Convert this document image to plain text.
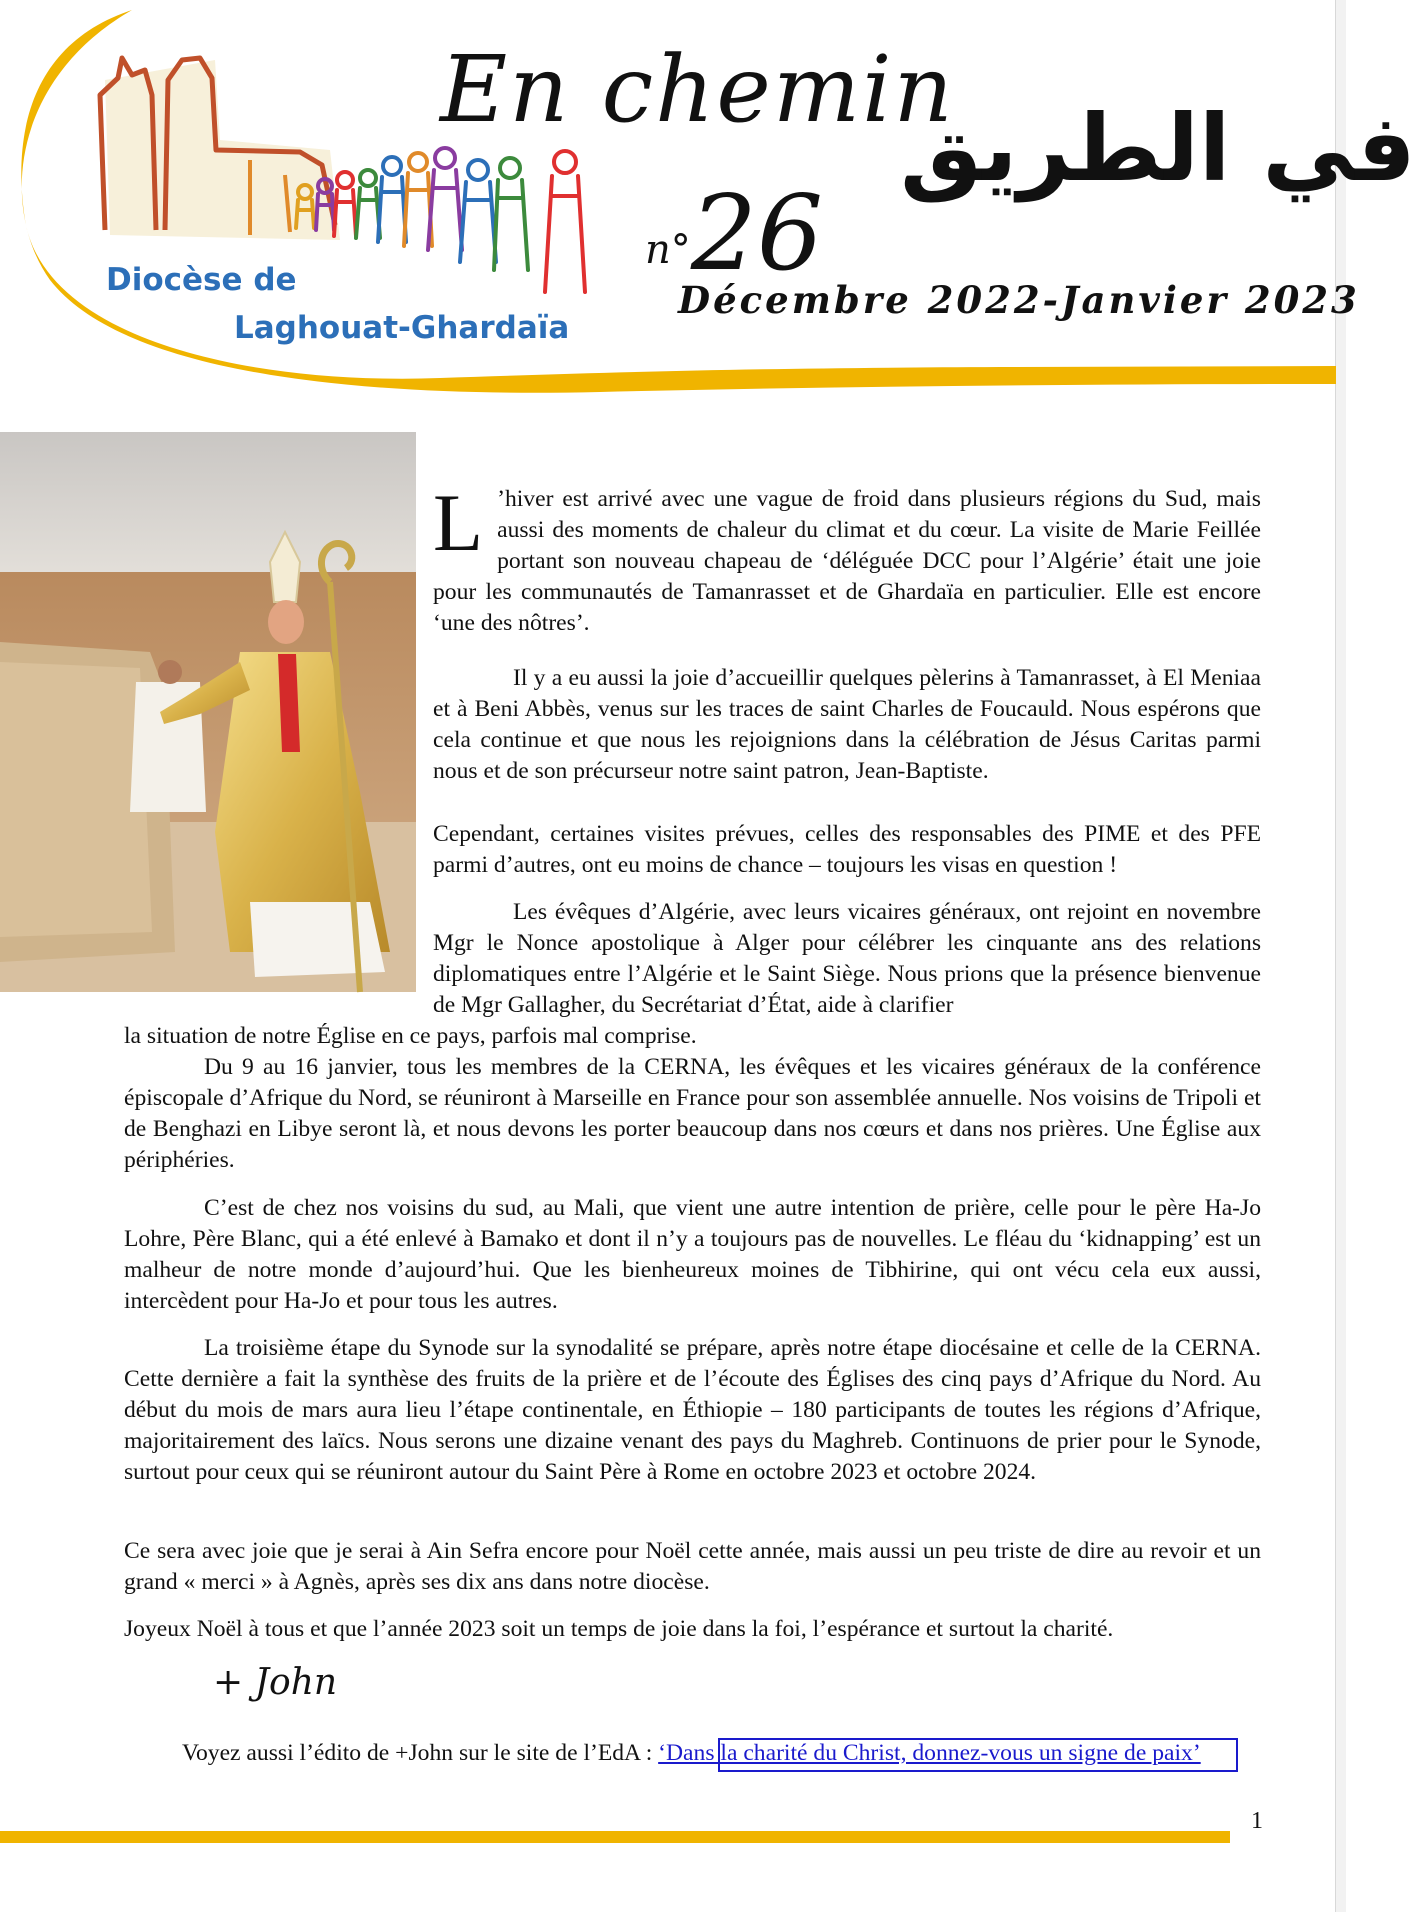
En chemin
في الطريق
n°26
Décembre 2022-Janvier 2023
Diocèse de
Laghouat-Ghardaïa

L ’hiver est arrivé avec une vague de froid dans plusieurs régions du Sud, mais aussi des moments de chaleur du climat et du cœur. La visite de Marie Feillée portant son nouveau chapeau de ‘déléguée DCC pour l’Algérie’ était une joie pour les communautés de Tamanrasset et de Ghardaïa en particulier. Elle est encore ‘une des nôtres’.

Il y a eu aussi la joie d’accueillir quelques pèlerins à Tamanrasset, à El Meniaa et à Beni Abbès, venus sur les traces de saint Charles de Foucauld. Nous espérons que cela continue et que nous les rejoignions dans la célébration de Jésus Caritas parmi nous et de son précurseur notre saint patron, Jean-Baptiste.
Cependant, certaines visites prévues, celles des responsables des PIME et des PFE parmi d’autres, ont eu moins de chance – toujours les visas en question !
Les évêques d’Algérie, avec leurs vicaires généraux, ont rejoint en novembre Mgr le Nonce apostolique à Alger pour célébrer les cinquante ans des relations diplomatiques entre l’Algérie et le Saint Siège. Nous prions que la présence bienvenue de Mgr Gallagher, du Secrétariat d’État, aide à clarifier
la situation de notre Église en ce pays, parfois mal comprise.
Du 9 au 16 janvier, tous les membres de la CERNA, les évêques et les vicaires généraux de la conférence épiscopale d’Afrique du Nord, se réuniront à Marseille en France pour son assemblée annuelle. Nos voisins de Tripoli et de Benghazi en Libye seront là, et nous devons les porter beaucoup dans nos cœurs et dans nos prières. Une Église aux périphéries.
C’est de chez nos voisins du sud, au Mali, que vient une autre intention de prière, celle pour le père Ha-Jo Lohre, Père Blanc, qui a été enlevé à Bamako et dont il n’y a toujours pas de nouvelles. Le fléau du ‘kidnapping’ est un malheur de notre monde d’aujourd’hui. Que les bienheureux moines de Tibhirine, qui ont vécu cela eux aussi, intercèdent pour Ha-Jo et pour tous les autres.
La troisième étape du Synode sur la synodalité se prépare, après notre étape diocésaine et celle de la CERNA. Cette dernière a fait la synthèse des fruits de la prière et de l’écoute des Églises des cinq pays d’Afrique du Nord. Au début du mois de mars aura lieu l’étape continentale, en Éthiopie – 180 participants de toutes les régions d’Afrique, majoritairement des laïcs. Nous serons une dizaine venant des pays du Maghreb. Continuons de prier pour le Synode, surtout pour ceux qui se réuniront autour du Saint Père à Rome en octobre 2023 et octobre 2024.
Ce sera avec joie que je serai à Ain Sefra encore pour Noël cette année, mais aussi un peu triste de dire au revoir et un grand « merci » à Agnès, après ses dix ans dans notre diocèse.
Joyeux Noël à tous et que l’année 2023 soit un temps de joie dans la foi, l’espérance et surtout la charité.
+ John
Voyez aussi l’édito de +John sur le site de l’EdA : ‘Dans la charité du Christ, donnez-vous un signe de paix’
1
